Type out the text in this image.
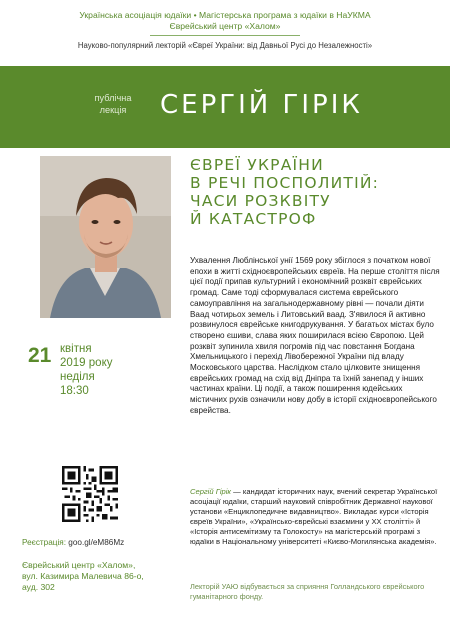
Українська асоціація юдаїки • Магістерська програма з юдаїки в НаУКМА
Єврейський центр «Халом»
Науково-популярний лекторій «Євреї України: від Давньої Русі до Незалежності»
публічна
лекція	СЕРГІЙ ГІРІК
ЄВРЕЇ УКРАЇНИ
В РЕЧІ ПОСПОЛИТІЙ:
ЧАСИ РОЗКВІТУ
Й КАТАСТРОФ
Ухвалення Люблінської унії 1569 року збіглося з початком нової епохи в житті східноєвропейських євреїв. На перше століття після цієї події припав культурний і економічний розквіт єврейських громад. Саме тоді сформувалася система єврейського самоуправління на загальнодержавному рівні — почали діяти Ваад чотирьох земель і Литовський ваад. З'явилося й активно розвинулося єврейське книгодрукування. У багатьох містах було створено єшиви, слава яких поширилася всією Європою. Цей розквіт зупинила хвиля погромів під час повстання Богдана Хмельницького і перехід Лівобережної України під владу Московського царства. Наслідком стало цілковите знищення єврейських громад на схід від Дніпра та їхній занепад у інших частинах країни. Ці події, а також поширення юдейських містичних рухів означили нову добу в історії східноєвропейського єврейства.
21 квітня
2019 року
неділя
18:30
Реєстрація: goo.gl/eM86Mz
Єврейський центр «Халом»,
вул. Казимира Малевича 86-о,
ауд. 302
Сергій Гірік — кандидат історичних наук, вчений секретар Української асоціації юдаїки, старший науковий співробітник Державної наукової установи «Енциклопедичне видавництво». Викладає курси «Історія євреїв України», «Українсько-єврейські взаємини у XX столітті» й «Історія антисемітизму та Голокосту» на магістерській програмі з юдаїки в Національному університеті «Києво-Могилянська академія».
Лекторій УАЮ відбувається за сприяння Голландського єврейського гуманітарного фонду.
